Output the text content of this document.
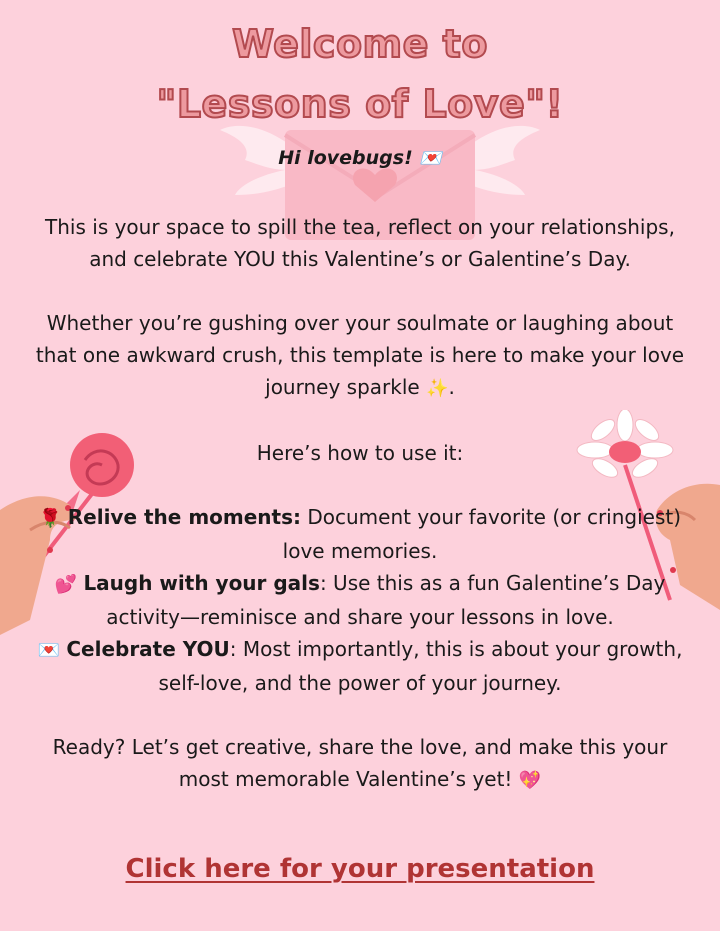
Welcome to
"Lessons of Love"!

Hi lovebugs! 💌

This is your space to spill the tea, reflect on your relationships, and celebrate YOU this Valentine’s or Galentine’s Day.

Whether you’re gushing over your soulmate or laughing about that one awkward crush, this template is here to make your love journey sparkle ✨.

Here’s how to use it:

🌹 Relive the moments: Document your favorite (or cringiest) love memories.

💕 Laugh with your gals: Use this as a fun Galentine’s Day activity—reminisce and share your lessons in love.

💌 Celebrate YOU: Most importantly, this is about your growth, self-love, and the power of your journey.

Ready? Let’s get creative, share the love, and make this your most memorable Valentine’s yet! 💖

Click here for your presentation
